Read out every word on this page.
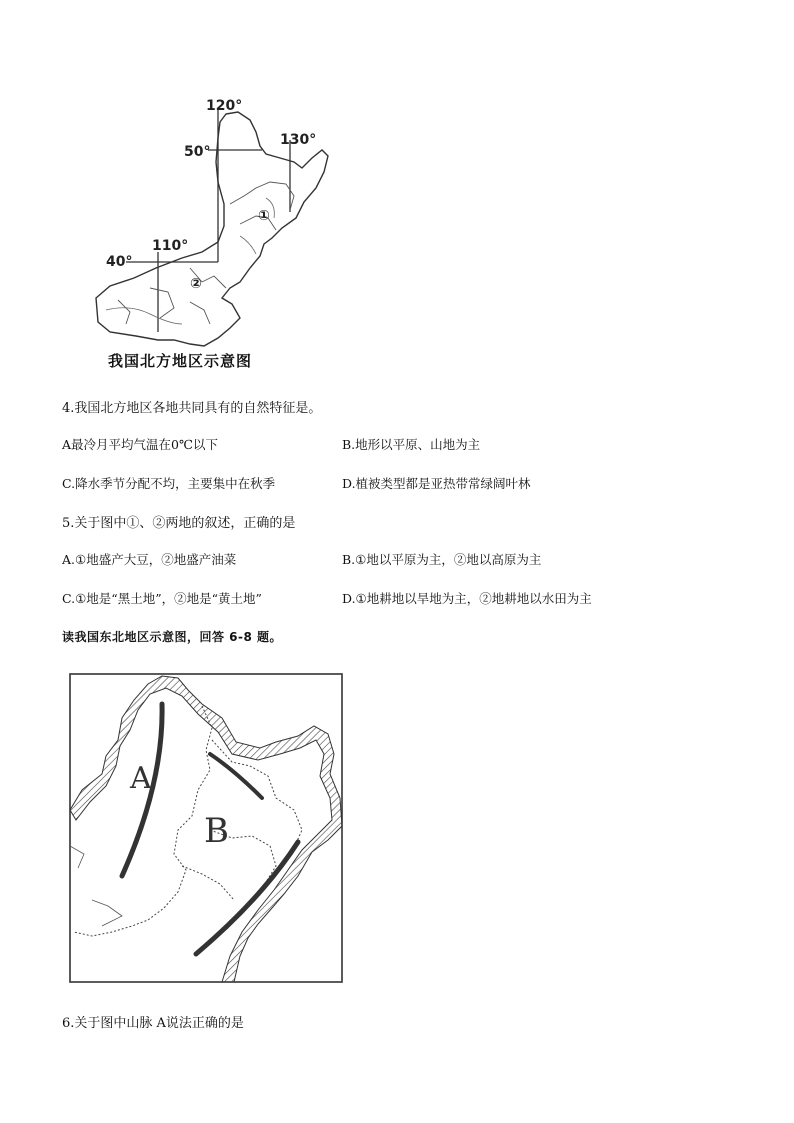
①
②
120°
130°
50°
110°
40°
我国北方地区示意图
4.我国北方地区各地共同具有的自然特征是。
A最冷月平均气温在0℃以下	B.地形以平原、山地为主
C.降水季节分配不均，主要集中在秋季	D.植被类型都是亚热带常绿阔叶林
5.关于图中①、②两地的叙述，正确的是
A.①地盛产大豆，②地盛产油菜	B.①地以平原为主，②地以高原为主
C.①地是“黑土地”，②地是“黄土地”	D.①地耕地以旱地为主，②地耕地以水田为主
读我国东北地区示意图，回答 6-8 题。
A
B
6.关于图中山脉 A说法正确的是
